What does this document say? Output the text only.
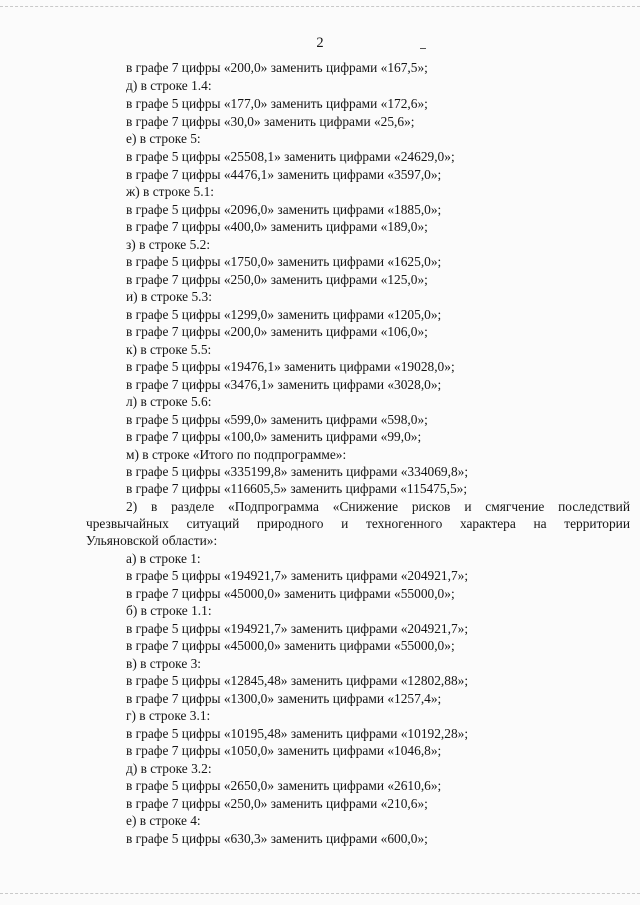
2
в графе 7 цифры «200,0» заменить цифрами «167,5»;
д) в строке 1.4:
в графе 5 цифры «177,0» заменить цифрами «172,6»;
в графе 7 цифры «30,0» заменить цифрами «25,6»;
е) в строке 5:
в графе 5 цифры «25508,1» заменить цифрами «24629,0»;
в графе 7 цифры «4476,1» заменить цифрами «3597,0»;
ж) в строке 5.1:
в графе 5 цифры «2096,0» заменить цифрами «1885,0»;
в графе 7 цифры «400,0» заменить цифрами «189,0»;
з) в строке 5.2:
в графе 5 цифры «1750,0» заменить цифрами «1625,0»;
в графе 7 цифры «250,0» заменить цифрами «125,0»;
и) в строке 5.3:
в графе 5 цифры «1299,0» заменить цифрами «1205,0»;
в графе 7 цифры «200,0» заменить цифрами «106,0»;
к) в строке 5.5:
в графе 5 цифры «19476,1» заменить цифрами «19028,0»;
в графе 7 цифры «3476,1» заменить цифрами «3028,0»;
л) в строке 5.6:
в графе 5 цифры «599,0» заменить цифрами «598,0»;
в графе 7 цифры «100,0» заменить цифрами «99,0»;
м) в строке «Итого по подпрограмме»:
в графе 5 цифры «335199,8» заменить цифрами «334069,8»;
в графе 7 цифры «116605,5» заменить цифрами «115475,5»;
2) в разделе «Подпрограмма «Снижение рисков и смягчение последствий
чрезвычайных ситуаций природного и техногенного характера на территории
Ульяновской области»:
а) в строке 1:
в графе 5 цифры «194921,7» заменить цифрами «204921,7»;
в графе 7 цифры «45000,0» заменить цифрами «55000,0»;
б) в строке 1.1:
в графе 5 цифры «194921,7» заменить цифрами «204921,7»;
в графе 7 цифры «45000,0» заменить цифрами «55000,0»;
в) в строке 3:
в графе 5 цифры «12845,48» заменить цифрами «12802,88»;
в графе 7 цифры «1300,0» заменить цифрами «1257,4»;
г) в строке 3.1:
в графе 5 цифры «10195,48» заменить цифрами «10192,28»;
в графе 7 цифры «1050,0» заменить цифрами «1046,8»;
д) в строке 3.2:
в графе 5 цифры «2650,0» заменить цифрами «2610,6»;
в графе 7 цифры «250,0» заменить цифрами «210,6»;
е) в строке 4:
в графе 5 цифры «630,3» заменить цифрами «600,0»;
